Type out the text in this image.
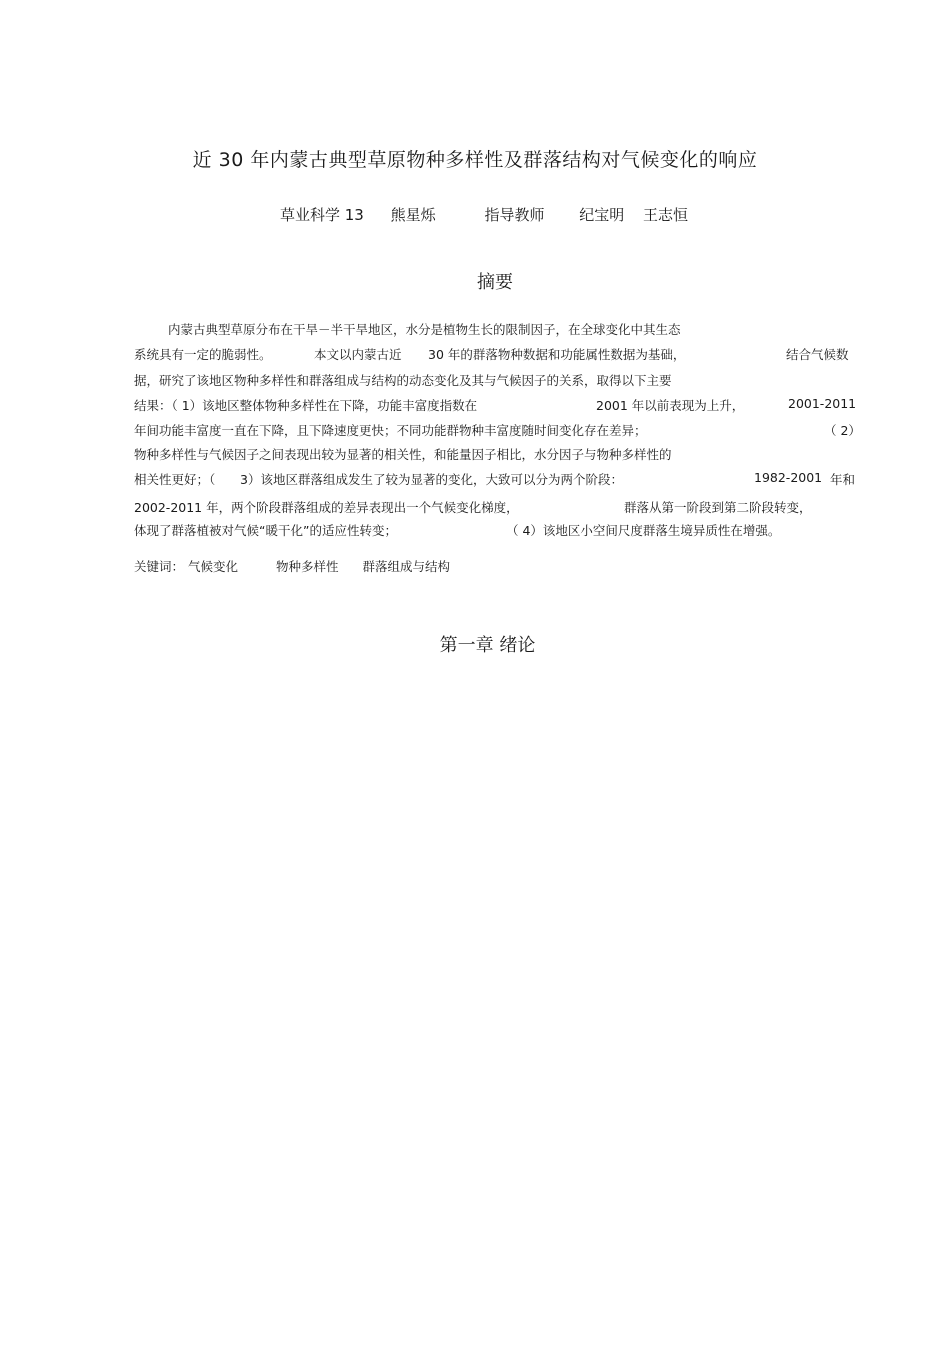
近 30 年内蒙古典型草原物种多样性及群落结构对气候变化的响应
草业科学 13 熊星烁	指导教师 纪宝明 王志恒
摘要
内蒙古典型草原分布在干旱－半干旱地区，水分是植物生长的限制因子，在全球变化中其生态
系统具有一定的脆弱性。	本文以内蒙古近 30 年的群落物种数据和功能属性数据为基础，	结合气候数
据，研究了该地区物种多样性和群落组成与结构的动态变化及其与气候因子的关系，取得以下主要
结果：（ 1）该地区整体物种多样性在下降，功能丰富度指数在	2001 年以前表现为上升，	2001-2011
年间功能丰富度一直在下降，且下降速度更快；不同功能群物种丰富度随时间变化存在差异；	（ 2）
物种多样性与气候因子之间表现出较为显著的相关性，和能量因子相比，水分因子与物种多样性的
相关性更好；（ 3）该地区群落组成发生了较为显著的变化，大致可以分为两个阶段：	1982-2001 年和
2002-2011 年，两个阶段群落组成的差异表现出一个气候变化梯度，	群落从第一阶段到第二阶段转变，
体现了群落植被对气候“暖干化”的适应性转变；	（ 4）该地区小空间尺度群落生境异质性在增强。
关键词： 气候变化	物种多样性 群落组成与结构
第一章 绪论
